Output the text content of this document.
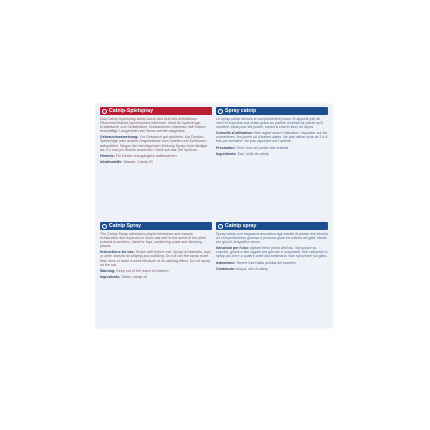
Catnip-Spielspray

Das Catnip-Spielspray weckt durch den Duft des enthaltenen Pflanzenextraktes spielerisches Interesse. Ideal für Spielzeuge, Kratzbäume und Schlafplätze. Entstandenes Interesse hält Katzen beschäftigt, Langeweile und Stress werden abgebaut.

Gebrauchsanweisung: Vor Gebrauch gut schütteln. Auf Decken, Spielzeuge oder andere Gegenstände zum Spielen und Schmusen aufsprühen. Wegen der beruhigenden Wirkung Spray nicht häufiger als 3-4 mal pro Woche anwenden. Nicht auf das Tier sprühen.

Hinweis: Für Kinder unzugänglich aufbewahren.

Inhaltsstoffe: Wasser, Catnip-Öl

Spray catnip

Le spray catnip stimule le comportement joueur et apporte joie de vivre et euphorie aux chats grâce au parfum d'extrait de plante qu'il contient. Idéal pour les jouets, arbres à chat et lieux de repos.

Conseils d'utilisation: Bien agiter avant l'utilisation. Vaporiser sur les couvertures, les jouets ou d'autres objets. Ne pas utiliser plus de 3 à 4 fois par semaine. Ne pas vaporiser sur l'animal.

Précaution: Tenir hors de portée des enfants.

Ingrédients: Eau, huile de catnip

Catnip Spray

The Catnip Spray stimulates playful behaviour and causes exhilaration and euphoria in most cats due to the scent of the plant extracts it contains. Ideal for toys, scratching posts and sleeping places.

Instructions for use: Shake well before use. Spray on blankets, toys or other objects for playing and cuddling. Do not use the spray more than once or twice a week because of its calming effect. Do not spray on the cat.

Warning: Keep out of the reach of children.

Ingredients: Water, catnip oil

Catnip spray

Spray catnip con fragranza aromatica agli estratti di piante che stimola un comportamento giocoso e provoca gioia ed euforia nei gatti. Ideale per giochi, tiragraffi e cucce.

Istruzioni per l'uso: Agitare bene prima dell'uso. Spruzzare su coperte, giochi o altri oggetti per giocare e coccolarsi. Non utilizzare lo spray più di tre o quattro volte alla settimana. Non spruzzare sul gatto.

Attenzione: Tenere fuori dalla portata dei bambini.

Contenuto: Acqua, olio di catnip
